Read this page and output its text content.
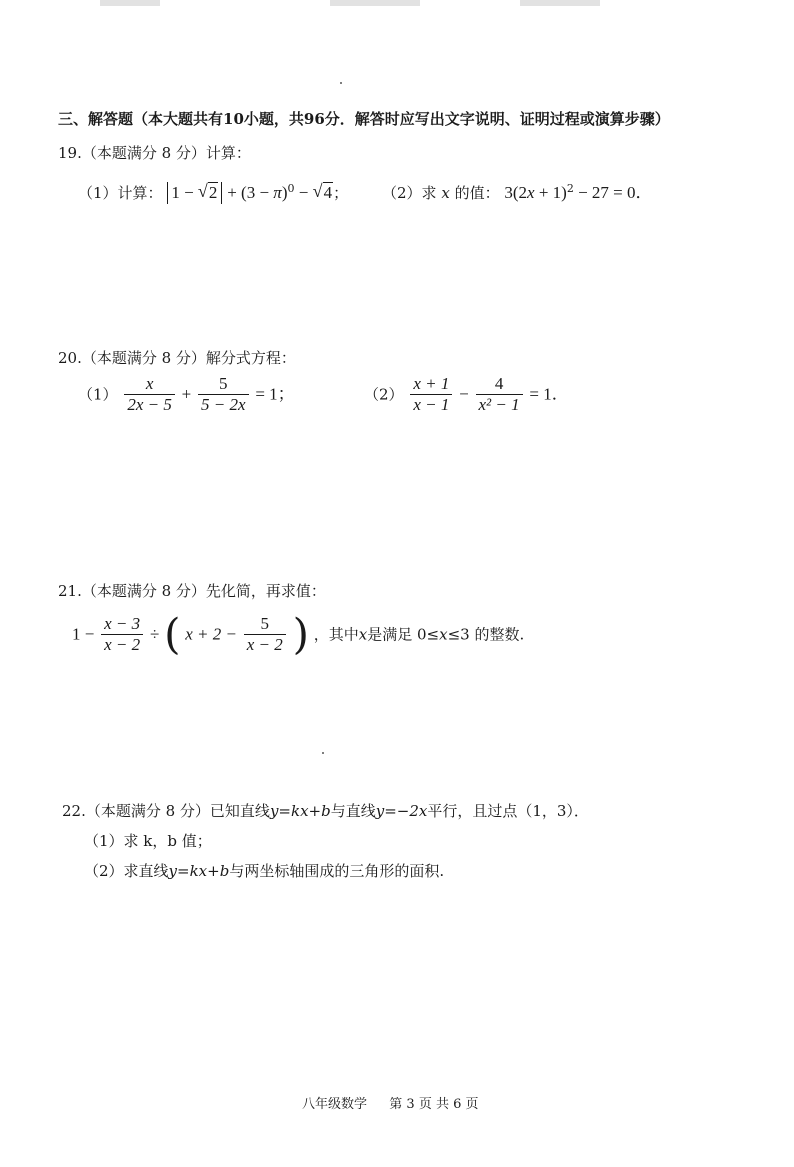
三、解答题（本大题共有10小题，共96分．解答时应写出文字说明、证明过程或演算步骤）
19.（本题满分 8 分）计算：
（1）计算： 1 − √ $2 + (3 - \pi)^0$ − √ 4； （2）求 x 的值： $3(2x + 1)^2 - 27 = 0$．
20.（本题满分 8 分）解分式方程：
$(1) \frac{x}{2x - 5} + \frac{5}{5 - 2x} = 1$；	$(2) \frac{x + 1}{x - 1} - \frac{4}{\text{x² − 1}} = 1$．
21.（本题满分 8 分）先化简，再求值：
$1 - \frac{x - 3}{x - 2}$ ÷ ( $x + 2 - \frac{5}{x - 2}$ ) ，其中x是满足 0≤x≤3 的整数.
22.（本题满分 8 分）已知直线y=kx+b与直线y=−2x平行，且过点（1，3）．
（1）求 k，b 值；
（2）求直线y=kx+b与两坐标轴围成的三角形的面积.
八年级数学 第 3 页 共 6 页
